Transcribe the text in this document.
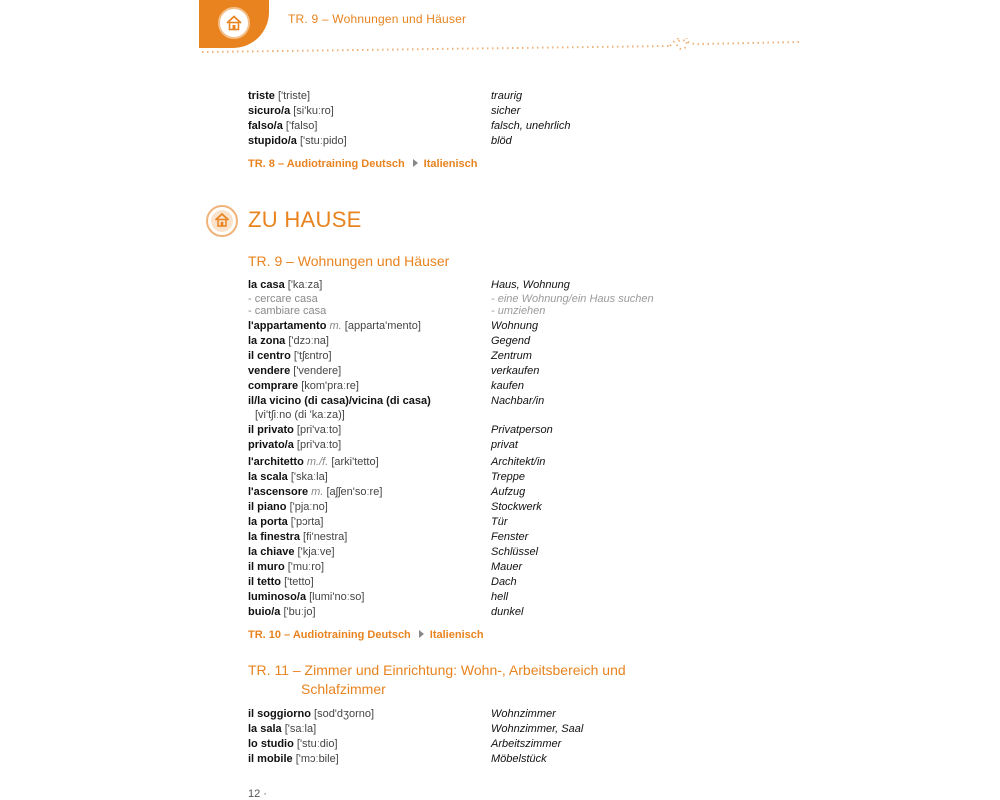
TR. 9 – Wohnungen und Häuser
triste ['triste]	traurig
sicuro/a [si'kuːro]	sicher
falso/a ['falso]	falsch, unehrlich
stupido/a ['stuːpido]	blöd
TR. 8 – Audiotraining Deutsch Italienisch
ZU HAUSE
TR. 9 – Wohnungen und Häuser
la casa ['kaːza]	Haus, Wohnung
- cercare casa	- eine Wohnung/ein Haus suchen
- cambiare casa	- umziehen
l'appartamento m. [apparta'mento]	Wohnung
la zona ['dzɔːna]	Gegend
il centro ['tʃɛntro]	Zentrum
vendere ['vendere]	verkaufen
comprare [kom'praːre]	kaufen
il/la vicino (di casa)/vicina (di casa)	Nachbar/in
[vi'tʃiːno (di 'kaːza)]
il privato [pri'vaːto]	Privatperson
privato/a [pri'vaːto]	privat
l'architetto m./f. [arki'tetto]	Architekt/in
la scala ['skaːla]	Treppe
l'ascensore m. [aʃʃen'soːre]	Aufzug
il piano ['pjaːno]	Stockwerk
la porta ['pɔrta]	Tür
la finestra [fi'nestra]	Fenster
la chiave ['kjaːve]	Schlüssel
il muro ['muːro]	Mauer
il tetto ['tetto]	Dach
luminoso/a [lumi'noːso]	hell
buio/a ['buːjo]	dunkel
TR. 10 – Audiotraining Deutsch Italienisch
TR. 11 – Zimmer und Einrichtung: Wohn-, Arbeitsbereich und
Schlafzimmer
il soggiorno [sod'dʒorno]	Wohnzimmer
la sala ['saːla]	Wohnzimmer, Saal
lo studio ['stuːdio]	Arbeitszimmer
il mobile ['mɔːbile]	Möbelstück
12 ·
